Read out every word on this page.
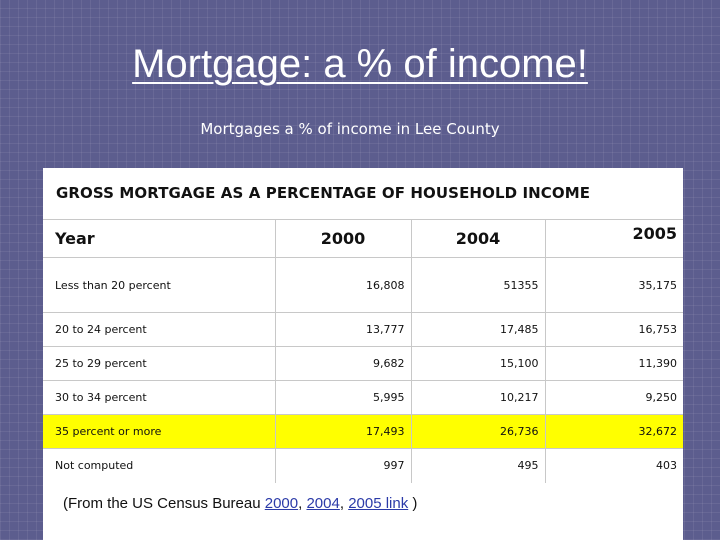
Mortgage: a % of income!
Mortgages a % of income in Lee County
GROSS MORTGAGE AS A PERCENTAGE OF HOUSEHOLD INCOME
Year	2000	2004	2005
Less than 20 percent	16,808	51355	35,175
20 to 24 percent	13,777	17,485	16,753
25 to 29 percent	9,682	15,100	11,390
30 to 34 percent	5,995	10,217	9,250
35 percent or more	17,493	26,736	32,672
Not computed	997	495	403
(From the US Census Bureau 2000, 2004, 2005 link )
